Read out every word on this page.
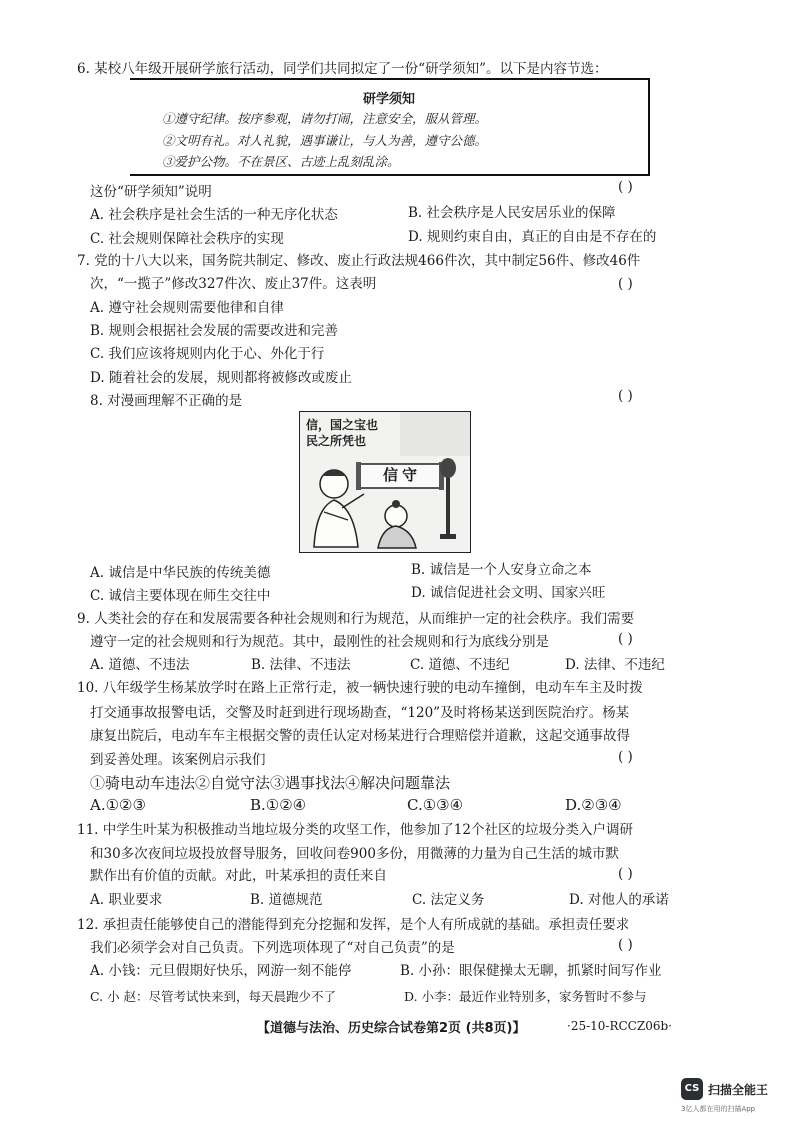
6. 某校八年级开展研学旅行活动，同学们共同拟定了一份“研学须知”。以下是内容节选：
研学须知
①遵守纪律。按序参观，请勿打闹，注意安全，服从管理。
②文明有礼。对人礼貌，遇事谦让，与人为善，遵守公德。
③爱护公物。不在景区、古迹上乱刻乱涂。
这份“研学须知”说明	( )
A. 社会秩序是社会生活的一种无序化状态	B. 社会秩序是人民安居乐业的保障
C. 社会规则保障社会秩序的实现	D. 规则约束自由，真正的自由是不存在的
7. 党的十八大以来，国务院共制定、修改、废止行政法规466件次，其中制定56件、修改46件
次，“一揽子”修改327件次、废止37件。这表明	( )
A. 遵守社会规则需要他律和自律
B. 规则会根据社会发展的需要改进和完善
C. 我们应该将规则内化于心、外化于行
D. 随着社会的发展，规则都将被修改或废止
8. 对漫画理解不正确的是	( )
信，国之宝也
民之所凭也
信守
A. 诚信是中华民族的传统美德	B. 诚信是一个人安身立命之本
C. 诚信主要体现在师生交往中	D. 诚信促进社会文明、国家兴旺
9. 人类社会的存在和发展需要各种社会规则和行为规范，从而维护一定的社会秩序。我们需要
遵守一定的社会规则和行为规范。其中，最刚性的社会规则和行为底线分别是	( )
A. 道德、不违法	B. 法律、不违法	C. 道德、不违纪	D. 法律、不违纪
10. 八年级学生杨某放学时在路上正常行走，被一辆快速行驶的电动车撞倒，电动车车主及时拨
打交通事故报警电话，交警及时赶到进行现场勘查，“120”及时将杨某送到医院治疗。杨某
康复出院后，电动车车主根据交警的责任认定对杨某进行合理赔偿并道歉，这起交通事故得
到妥善处理。该案例启示我们	( )
①骑电动车违法②自觉守法③遇事找法④解决问题靠法
A.①②③	B.①②④	C.①③④	D.②③④
11. 中学生叶某为积极推动当地垃圾分类的攻坚工作，他参加了12个社区的垃圾分类入户调研
和30多次夜间垃圾投放督导服务，回收问卷900多份，用微薄的力量为自己生活的城市默
默作出有价值的贡献。对此，叶某承担的责任来自	( )
A. 职业要求	B. 道德规范	C. 法定义务	D. 对他人的承诺
12. 承担责任能够使自己的潜能得到充分挖掘和发挥，是个人有所成就的基础。承担责任要求
我们必须学会对自己负责。下列选项体现了“对自己负责”的是	( )
A. 小钱：元旦假期好快乐，网游一刻不能停	B. 小孙：眼保健操太无聊，抓紧时间写作业
C. 小 赵：尽管考试快来到，每天晨跑少不了	D. 小李：最近作业特别多，家务暂时不参与
【道德与法治、历史综合试卷第2页 (共8页)】	·25-10-RCCZ06b·
CS 扫描全能王
3亿人都在用的扫描App
